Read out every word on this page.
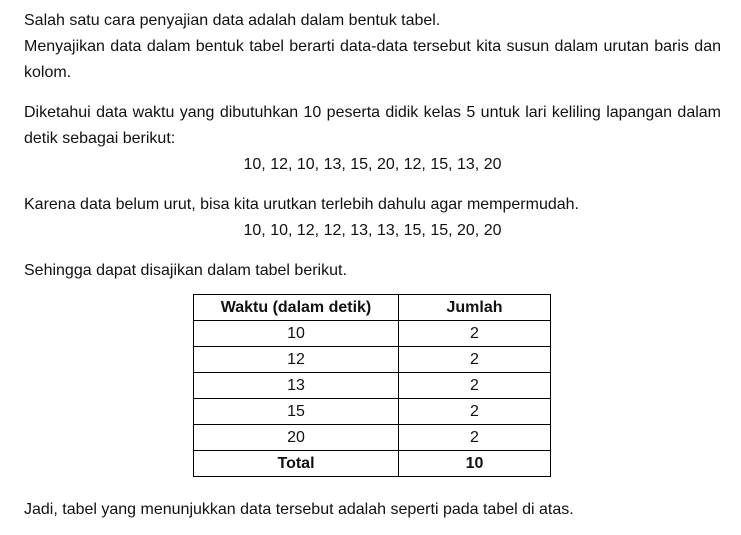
Salah satu cara penyajian data adalah dalam bentuk tabel.

Menyajikan data dalam bentuk tabel berarti data-data tersebut kita susun dalam urutan baris dan kolom.

Diketahui data waktu yang dibutuhkan 10 peserta didik kelas 5 untuk lari keliling lapangan dalam detik sebagai berikut:

10, 12, 10, 13, 15, 20, 12, 15, 13, 20

Karena data belum urut, bisa kita urutkan terlebih dahulu agar mempermudah.

10, 10, 12, 12, 13, 13, 15, 15, 20, 20

Sehingga dapat disajikan dalam tabel berikut.

Waktu (dalam detik)	Jumlah
10	2
12	2
13	2
15	2
20	2
Total	10

Jadi, tabel yang menunjukkan data tersebut adalah seperti pada tabel di atas.
